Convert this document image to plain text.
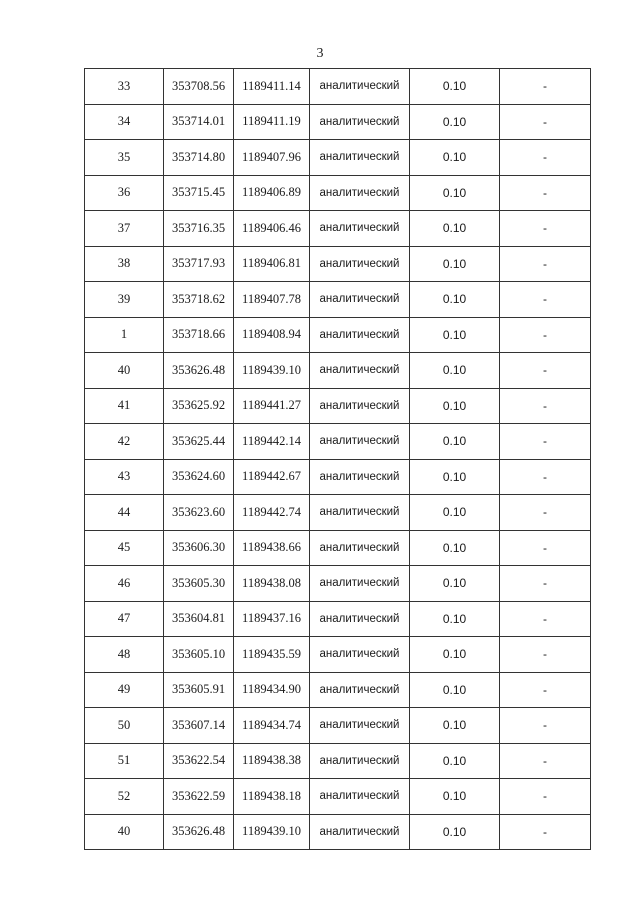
3
33	353708.56	1189411.14	аналитический	0.10	-
34	353714.01	1189411.19	аналитический	0.10	-
35	353714.80	1189407.96	аналитический	0.10	-
36	353715.45	1189406.89	аналитический	0.10	-
37	353716.35	1189406.46	аналитический	0.10	-
38	353717.93	1189406.81	аналитический	0.10	-
39	353718.62	1189407.78	аналитический	0.10	-
1	353718.66	1189408.94	аналитический	0.10	-
40	353626.48	1189439.10	аналитический	0.10	-
41	353625.92	1189441.27	аналитический	0.10	-
42	353625.44	1189442.14	аналитический	0.10	-
43	353624.60	1189442.67	аналитический	0.10	-
44	353623.60	1189442.74	аналитический	0.10	-
45	353606.30	1189438.66	аналитический	0.10	-
46	353605.30	1189438.08	аналитический	0.10	-
47	353604.81	1189437.16	аналитический	0.10	-
48	353605.10	1189435.59	аналитический	0.10	-
49	353605.91	1189434.90	аналитический	0.10	-
50	353607.14	1189434.74	аналитический	0.10	-
51	353622.54	1189438.38	аналитический	0.10	-
52	353622.59	1189438.18	аналитический	0.10	-
40	353626.48	1189439.10	аналитический	0.10	-
